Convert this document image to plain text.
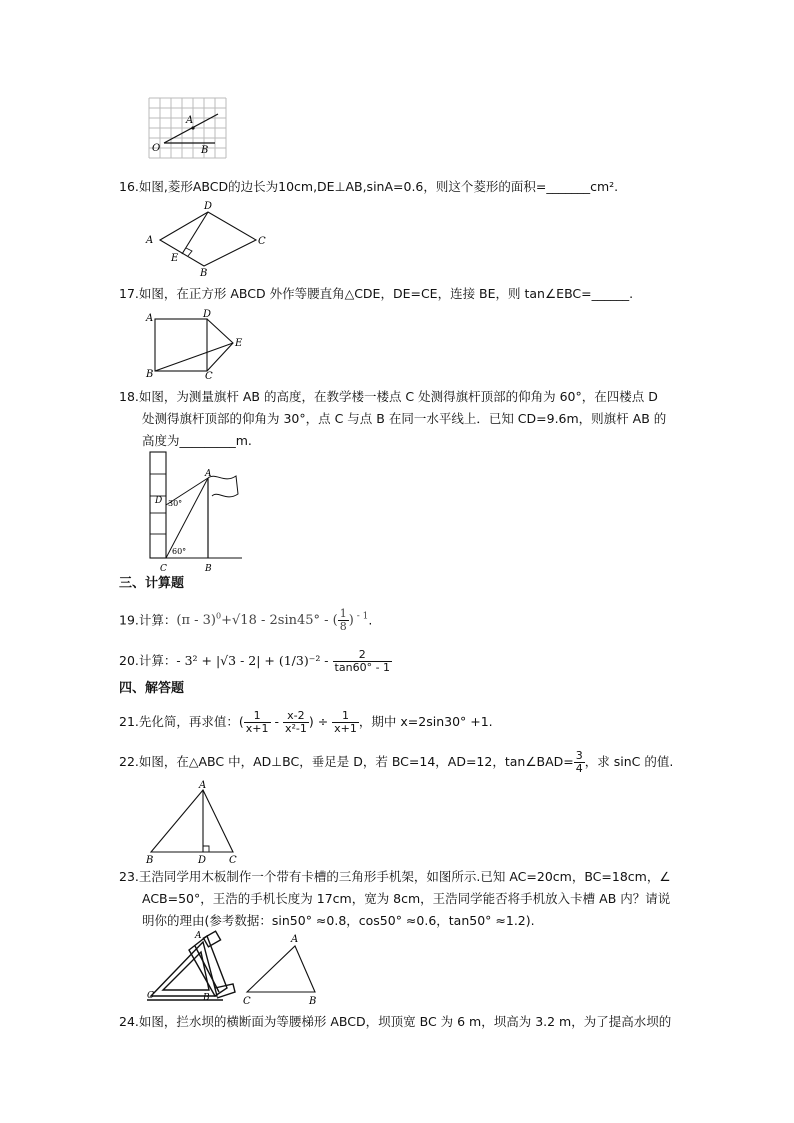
A
O	B
16.如图,菱形ABCD的边长为10cm,DE⊥AB,sinA=0.6，则这个菱形的面积=_______cm².
A
D
C
E
B
17.如图，在正方形 ABCD 外作等腰直角△CDE，DE=CE，连接 BE，则 tan∠EBC=______.
A	D
E
B	C
18.如图，为测量旗杆 AB 的高度，在教学楼一楼点 C 处测得旗杆顶部的仰角为 60°，在四楼点 D
处测得旗杆顶部的仰角为 30°，点 C 与点 B 在同一水平线上．已知 CD=9.6m，则旗杆 AB 的
高度为_________m.
A
D 30°
60°
C	B
三、计算题
19.计算：(π - 3)$^0$+√18 - 2sin45° - ( $\frac{1}{8}$ ) $^{- 1}$.
20.计算：- $3^2 + |√3 - 2| + (1/3)^{-2} - \frac{2}{\tan 60^\circ - 1}$
四、解答题
21.先化简，再求值：( $\frac{1}{x+1} - \frac{x-2}{\text{x²-1}}$ ) ÷ $\frac{1}{x+1}$ ，期中 x=2sin30° +1.
22.如图，在△ABC 中，AD⊥BC，垂足是 D，若 BC=14，AD=12，tan∠BAD= $\frac{3}{4}$ ，求 sinC 的值.
A
B	D C
23.王浩同学用木板制作一个带有卡槽的三角形手机架，如图所示.已知 AC=20cm，BC=18cm，∠
ACB=50°，王浩的手机长度为 17cm，宽为 8cm，王浩同学能否将手机放入卡槽 AB 内？请说
明你的理由(参考数据：sin50° ≈0.8，cos50° ≈0.6，tan50° ≈1.2).
C	B
A	A
C	B
24.如图，拦水坝的横断面为等腰梯形 ABCD，坝顶宽 BC 为 6 m，坝高为 3.2 m，为了提高水坝的
